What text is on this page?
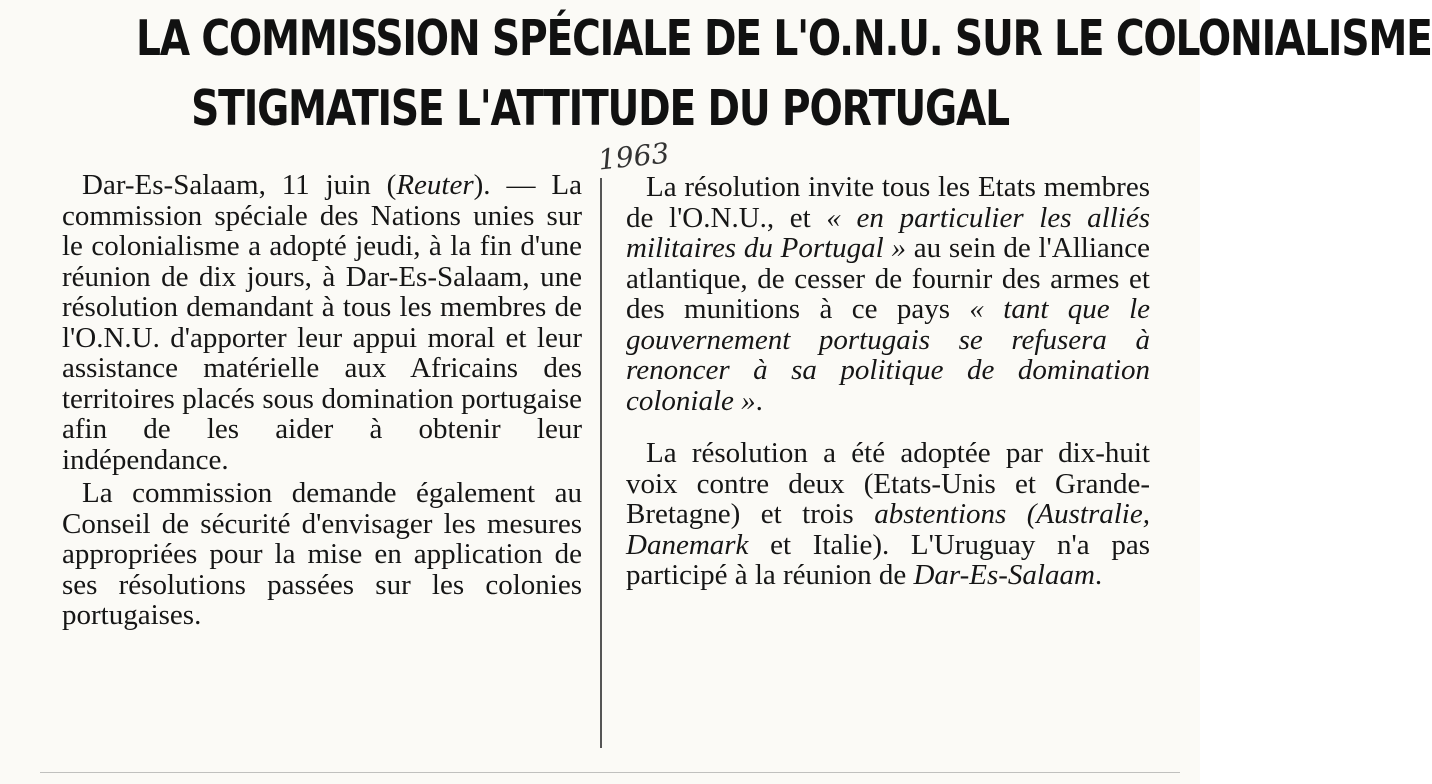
LA COMMISSION SPÉCIALE DE L'O.N.U. SUR LE COLONIALISME
STIGMATISE L'ATTITUDE DU PORTUGAL
1963

Dar-Es-Salaam, 11 juin (Reuter). — La commission spéciale des Nations unies sur le colonialisme a adopté jeudi, à la fin d'une réunion de dix jours, à Dar-Es-Salaam, une résolution demandant à tous les membres de l'O.N.U. d'apporter leur appui moral et leur assistance matérielle aux Africains des territoires placés sous domination portugaise afin de les aider à obtenir leur indépendance.

La commission demande également au Conseil de sécurité d'envisager les mesures appropriées pour la mise en application de ses résolutions passées sur les colonies portugaises.

La résolution invite tous les Etats membres de l'O.N.U., et « en particulier les alliés militaires du Portugal » au sein de l'Alliance atlantique, de cesser de fournir des armes et des munitions à ce pays « tant que le gouvernement portugais se refusera à renoncer à sa politique de domination coloniale ».

La résolution a été adoptée par dix-huit voix contre deux (Etats-Unis et Grande-Bretagne) et trois abstentions (Australie, Danemark et Italie). L'Uruguay n'a pas participé à la réunion de Dar-Es-Salaam.
